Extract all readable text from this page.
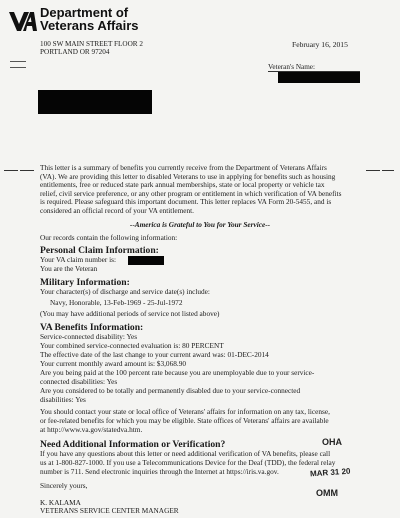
Department of
Veterans Affairs
100 SW MAIN STREET FLOOR 2
PORTLAND OR 97204
February 16, 2015
Veteran's Name:
This letter is a summary of benefits you currently receive from the Department of Veterans Affairs
(VA). We are providing this letter to disabled Veterans to use in applying for benefits such as housing
entitlements, free or reduced state park annual memberships, state or local property or vehicle tax
relief, civil service preference, or any other program or entitlement in which verification of VA benefits
is required. Please safeguard this important document. This letter replaces VA Form 20-5455, and is
considered an official record of your VA entitlement.
--America is Grateful to You for Your Service--
Our records contain the following information:
Personal Claim Information:
Your VA claim number is:
You are the Veteran
Military Information:
Your character(s) of discharge and service date(s) include:
Navy, Honorable, 13-Feb-1969 - 25-Jul-1972
(You may have additional periods of service not listed above)
VA Benefits Information:
Service-connected disability: Yes
Your combined service-connected evaluation is: 80 PERCENT
The effective date of the last change to your current award was: 01-DEC-2014
Your current monthly award amount is: $3,068.90
Are you being paid at the 100 percent rate because you are unemployable due to your service-
connected disabilities: Yes
Are you considered to be totally and permanently disabled due to your service-connected
disabilities: Yes
You should contact your state or local office of Veterans' affairs for information on any tax, license,
or fee-related benefits for which you may be eligible. State offices of Veterans' affairs are available
at http://www.va.gov/statedva.htm.
Need Additional Information or Verification?
If you have any questions about this letter or need additional verification of VA benefits, please call
us at 1-800-827-1000. If you use a Telecommunications Device for the Deaf (TDD), the federal relay
number is 711. Send electronic inquiries through the Internet at https://iris.va.gov.
Sincerely yours,
K. KALAMA
VETERANS SERVICE CENTER MANAGER
OHA
MAR 31 20
OMM
